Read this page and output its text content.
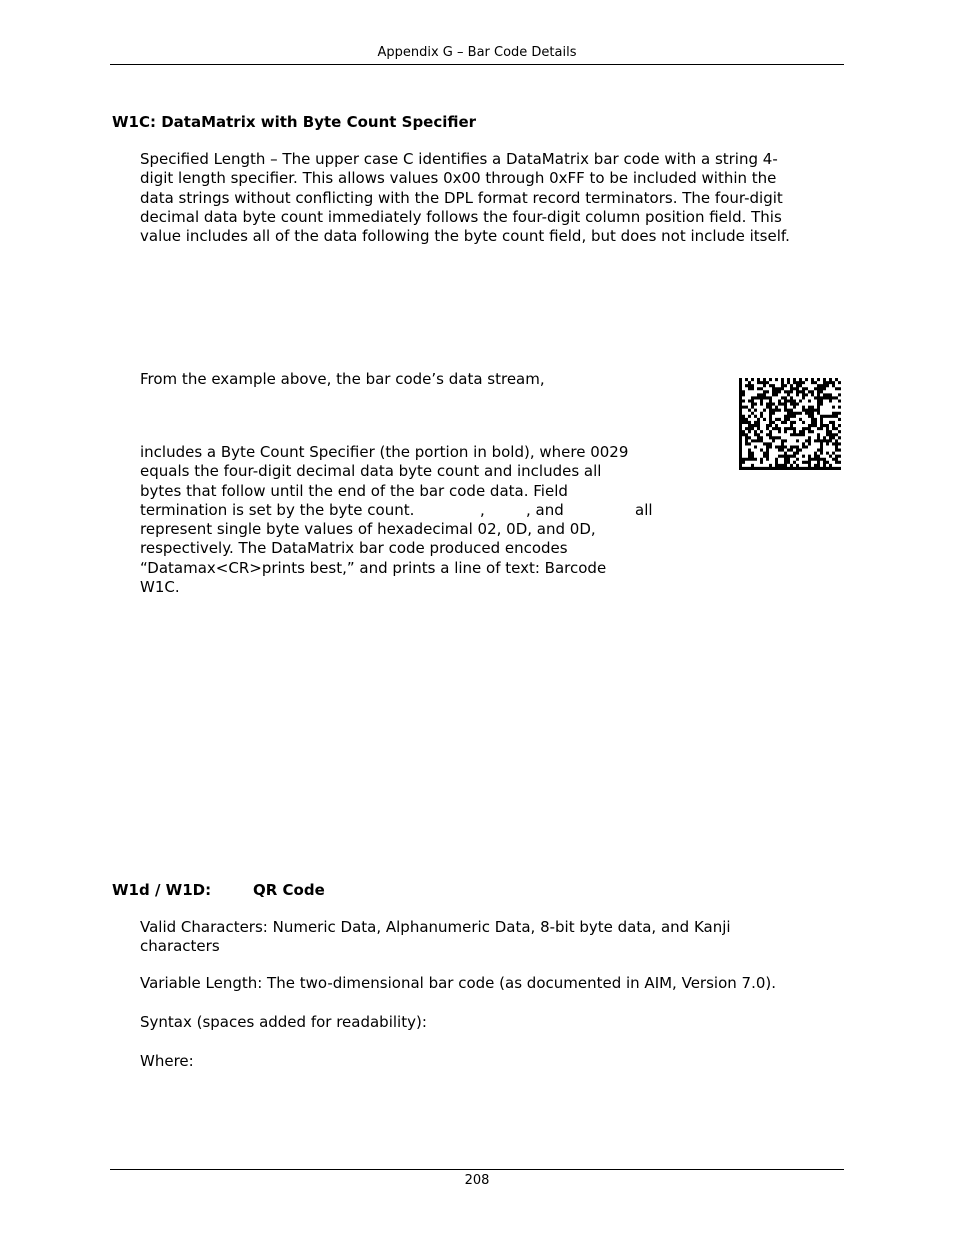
Appendix G – Bar Code Details
W1C: DataMatrix with Byte Count Specifier
Specified Length – The upper case C identifies a DataMatrix bar code with a string 4-
digit length specifier. This allows values 0x00 through 0xFF to be included within the
data strings without conflicting with the DPL format record terminators. The four-digit
decimal data byte count immediately follows the four-digit column position field. This
value includes all of the data following the byte count field, but does not include itself.
From the example above, the bar code’s data stream,
includes a Byte Count Specifier (the portion in bold), where 0029
equals the four-digit decimal data byte count and includes all
bytes that follow until the end of the bar code data. Field
termination is set by the byte count.	,	, and	all
represent single byte values of hexadecimal 02, 0D, and 0D,
respectively. The DataMatrix bar code produced encodes
“Datamax<CR>prints best,” and prints a line of text: Barcode
W1C.
W1d / W1D:	QR Code
Valid Characters: Numeric Data, Alphanumeric Data, 8-bit byte data, and Kanji
characters
Variable Length: The two-dimensional bar code (as documented in AIM, Version 7.0).
Syntax (spaces added for readability):
Where:
208
